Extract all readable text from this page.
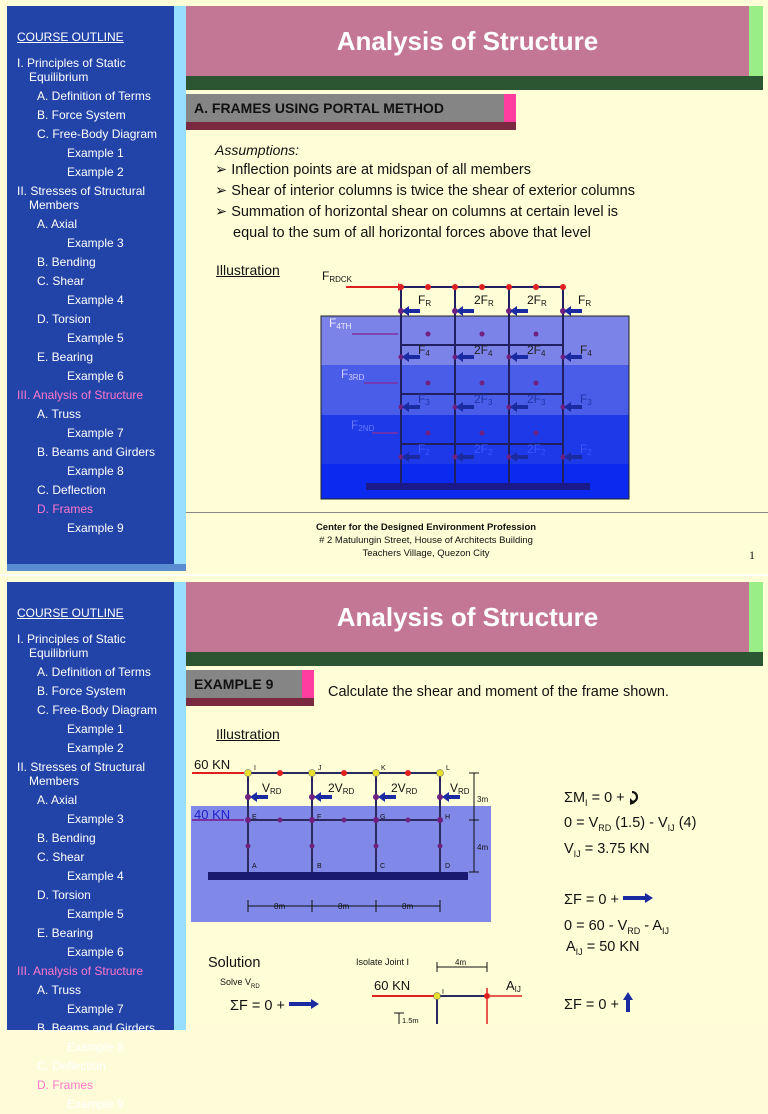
COURSE OUTLINE
I. Principles of Static
Equilibrium
A. Definition of Terms
B. Force System
C. Free-Body Diagram
Example 1
Example 2
II. Stresses of Structural
Members
A. Axial
Example 3
B. Bending
C. Shear
Example 4
D. Torsion
Example 5
E. Bearing
Example 6
III. Analysis of Structure
A. Truss
Example 7
B. Beams and Girders
Example 8
C. Deflection
D. Frames
Example 9
Analysis of Structure
A. FRAMES USING PORTAL METHOD
Assumptions:
➢ Inflection points are at midspan of all members
➢ Shear of interior columns is twice the shear of exterior columns
➢ Summation of horizontal shear on columns at certain level is
equal to the sum of all horizontal forces above that level
Illustration	FRDCK
F4TH
F3RD
F2ND
FR	2FR	2FR	FR
F4	2F4	2F4	F4
F3	2F3	2F3	F3
F2	2F2	2F2	F2
Center for the Designed Environment Profession
# 2 Matulungin Street, House of Architects Building
Teachers Village, Quezon City	1
COURSE OUTLINE
I. Principles of Static
Equilibrium
A. Definition of Terms
B. Force System
C. Free-Body Diagram
Example 1
Example 2
II. Stresses of Structural
Members
A. Axial
Example 3
B. Bending
C. Shear
Example 4
D. Torsion
Example 5
E. Bearing
Example 6
III. Analysis of Structure
A. Truss
Example 7
B. Beams and Girders
Example 8
C. Deflection
D. Frames
Example 9
Analysis of Structure
EXAMPLE 9	Calculate the shear and moment of the frame shown.
Illustration
60 KN
40 KN
VRD	2VRD	2VRD	VRD
I	J	K	L
E	F	G	H
A	B	C	D
3m
4m
8m	8m	8m
$\Sigma M_I = 0$ +
$0 = V_{RD}$ $(1.5) - V_{IJ}$ (4)
$V_{IJ} = 3.75$ KN
ΣF = 0 +
$0 = 60 - V_{RD} - A_{IJ}$
$A_{IJ} = 50$ KN
ΣF = 0 +
Solution
Solve $V_{RD}$
ΣF = 0 +
Isolate Joint I	4m
60 KN	I	AIJ
1.5m
